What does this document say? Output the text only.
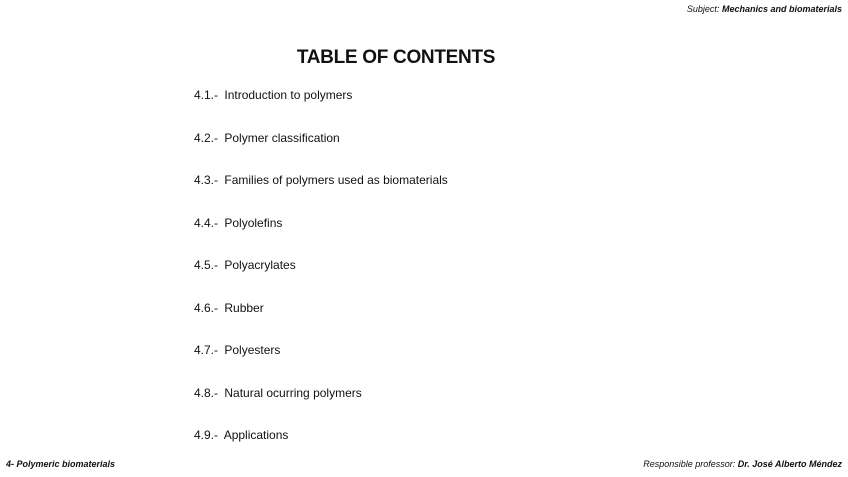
Subject: Mechanics and biomaterials
TABLE OF CONTENTS
4.1.- Introduction to polymers
4.2.- Polymer classification
4.3.- Families of polymers used as biomaterials
4.4.- Polyolefins
4.5.- Polyacrylates
4.6.- Rubber
4.7.- Polyesters
4.8.- Natural ocurring polymers
4.9.- Applications
4- Polymeric biomaterials	Responsible professor: Dr. José Alberto Méndez
